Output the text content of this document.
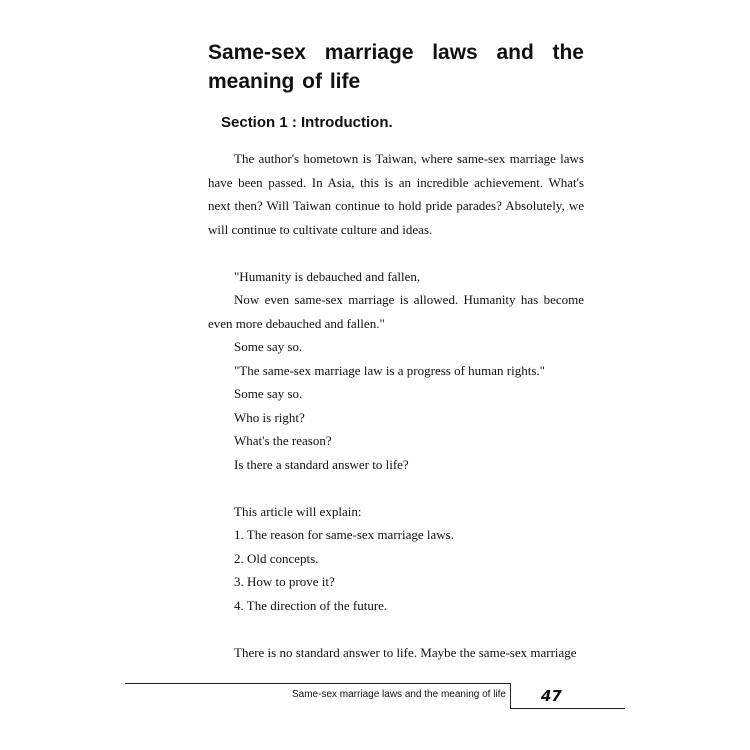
Same-sex marriage laws and the meaning of life
Section 1 : Introduction.

The author's hometown is Taiwan, where same-sex marriage laws have been passed. In Asia, this is an incredible achievement. What's next then? Will Taiwan continue to hold pride parades? Absolutely, we will continue to cultivate culture and ideas.

"Humanity is debauched and fallen,

Now even same-sex marriage is allowed. Humanity has become even more debauched and fallen."

Some say so.

"The same-sex marriage law is a progress of human rights."

Some say so.

Who is right?

What's the reason?

Is there a standard answer to life?

This article will explain:

1. The reason for same-sex marriage laws.

2. Old concepts.

3. How to prove it?

4. The direction of the future.

There is no standard answer to life. Maybe the same-sex marriage

Same-sex marriage laws and the meaning of life 47
